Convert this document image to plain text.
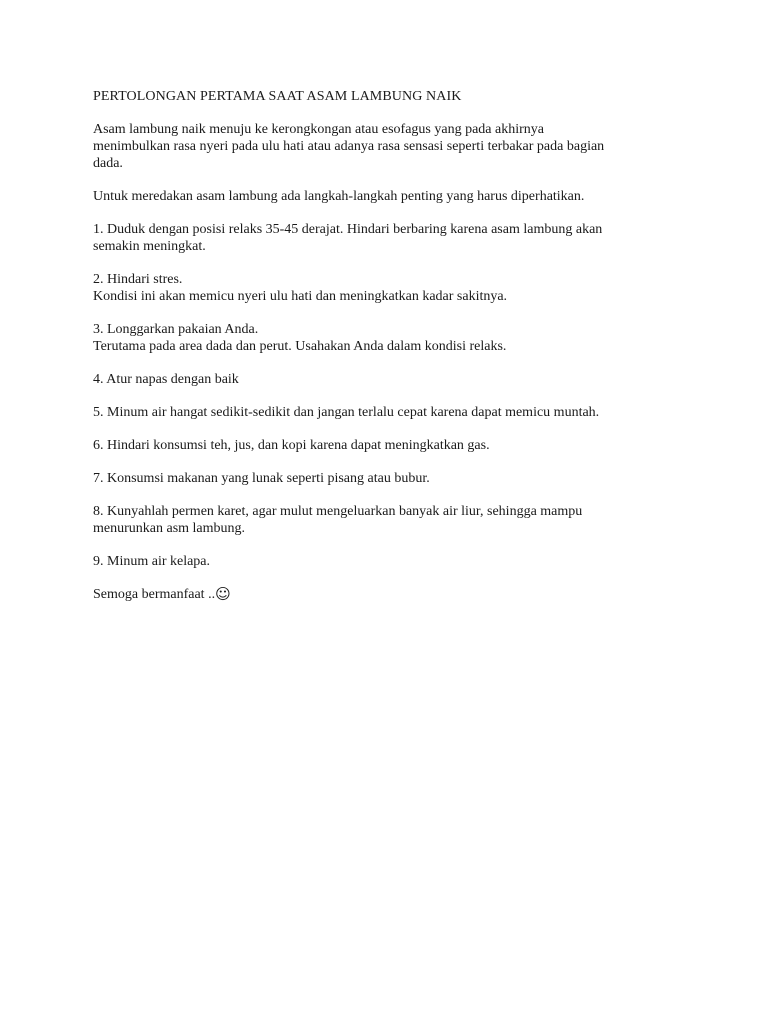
PERTOLONGAN PERTAMA SAAT ASAM LAMBUNG NAIK

Asam lambung naik menuju ke kerongkongan atau esofagus yang pada akhirnya
menimbulkan rasa nyeri pada ulu hati atau adanya rasa sensasi seperti terbakar pada bagian
dada.

Untuk meredakan asam lambung ada langkah-langkah penting yang harus diperhatikan.

1. Duduk dengan posisi relaks 35-45 derajat. Hindari berbaring karena asam lambung akan
semakin meningkat.

2. Hindari stres.
Kondisi ini akan memicu nyeri ulu hati dan meningkatkan kadar sakitnya.

3. Longgarkan pakaian Anda.
Terutama pada area dada dan perut. Usahakan Anda dalam kondisi relaks.

4. Atur napas dengan baik

5. Minum air hangat sedikit-sedikit dan jangan terlalu cepat karena dapat memicu muntah.

6. Hindari konsumsi teh, jus, dan kopi karena dapat meningkatkan gas.

7. Konsumsi makanan yang lunak seperti pisang atau bubur.

8. Kunyahlah permen karet, agar mulut mengeluarkan banyak air liur, sehingga mampu
menurunkan asm lambung.

9. Minum air kelapa.

Semoga bermanfaat ..☺
